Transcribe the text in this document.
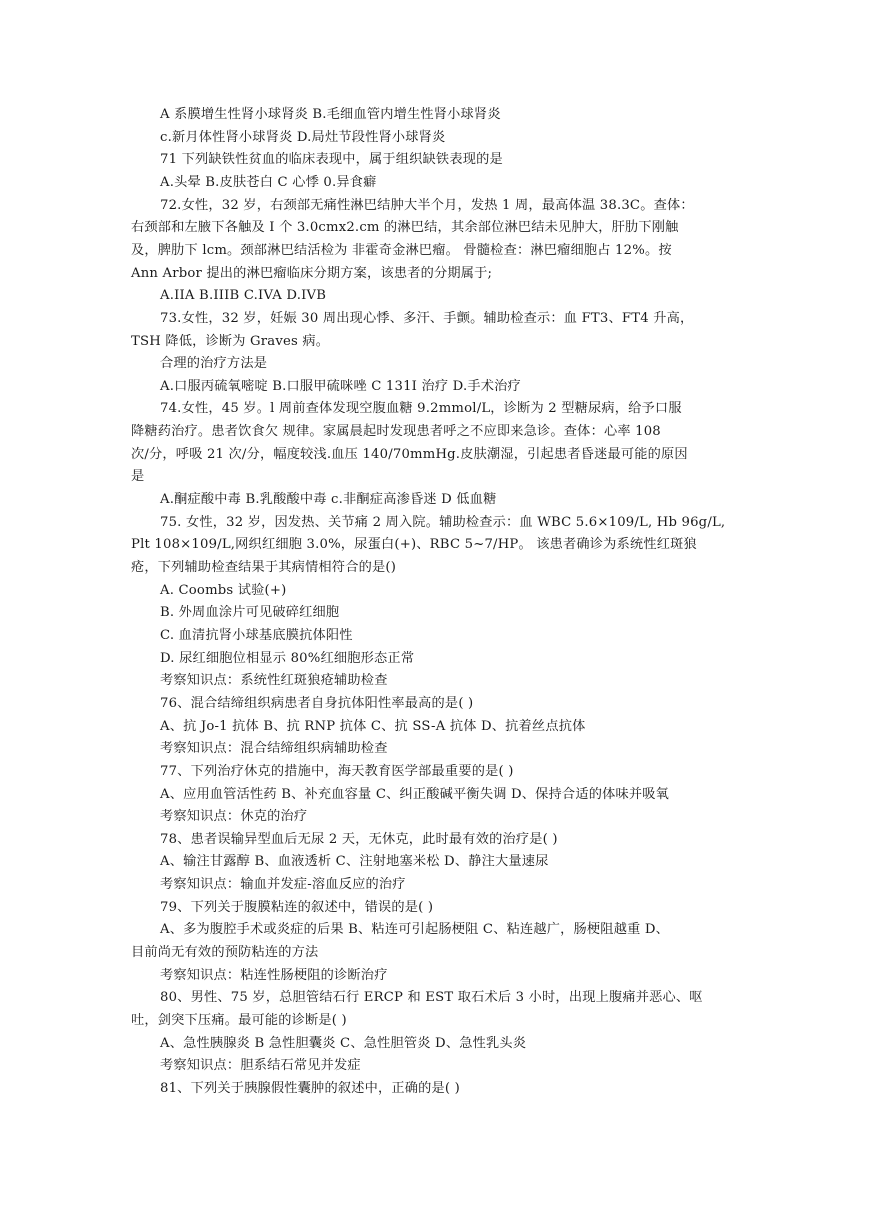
A 系膜增生性肾小球肾炎 B.毛细血管内增生性肾小球肾炎
c.新月体性肾小球肾炎 D.局灶节段性肾小球肾炎
71 下列缺铁性贫血的临床表现中，属于组织缺铁表现的是
A.头晕 B.皮肤苍白 C 心悸 0.异食癖
72.女性，32 岁，右颈部无痛性淋巴结肿大半个月，发热 1 周，最高体温 38.3C。查体：
右颈部和左腋下各触及 I 个 3.0cmx2.cm 的淋巴结，其余部位淋巴结未见肿大，肝肋下刚触
及，脾肋下 lcm。颈部淋巴结活检为 非霍奇金淋巴瘤。 骨髓检查：淋巴瘤细胞占 12%。按
Ann Arbor 提出的淋巴瘤临床分期方案，该患者的分期属于;
A.IIA B.IIIB C.IVA D.IVB
73.女性，32 岁，妊娠 30 周出现心悸、多汗、手颤。辅助检查示：血 FT3、FT4 升高，
TSH 降低，诊断为 Graves 病。
合理的治疗方法是
A.口服丙硫氧嘧啶 B.口服甲硫咪唑 C 131I 治疗 D.手术治疗
74.女性，45 岁。l 周前查体发现空腹血糖 9.2mmol/L，诊断为 2 型糖尿病，给予口服
降糖药治疗。患者饮食欠 规律。家属晨起时发现患者呼之不应即来急诊。查体：心率 108
次/分，呼吸 21 次/分，幅度较浅.血压 140/70mmHg.皮肤潮湿，引起患者昏迷最可能的原因
是
A.酮症酸中毒 B.乳酸酸中毒 c.非酮症高渗昏迷 D 低血糖
75. 女性，32 岁，因发热、关节痛 2 周入院。辅助检查示：血 WBC 5.6×109/L, Hb 96g/L,
Plt 108×109/L,网织红细胞 3.0%，尿蛋白(+)、RBC 5~7/HP。 该患者确诊为系统性红斑狼
疮，下列辅助检查结果于其病情相符合的是()
A. Coombs 试验(+)
B. 外周血涂片可见破碎红细胞
C. 血清抗肾小球基底膜抗体阳性
D. 尿红细胞位相显示 80%红细胞形态正常
考察知识点：系统性红斑狼疮辅助检查
76、混合结缔组织病患者自身抗体阳性率最高的是( )
A、抗 Jo-1 抗体 B、抗 RNP 抗体 C、抗 SS-A 抗体 D、抗着丝点抗体
考察知识点：混合结缔组织病辅助检查
77、下列治疗休克的措施中，海天教育医学部最重要的是( )
A、应用血管活性药 B、补充血容量 C、纠正酸碱平衡失调 D、保持合适的体味并吸氧
考察知识点：休克的治疗
78、患者误输异型血后无尿 2 天，无休克，此时最有效的治疗是( )
A、输注甘露醇 B、血液透析 C、注射地塞米松 D、静注大量速尿
考察知识点：输血并发症-溶血反应的治疗
79、下列关于腹膜粘连的叙述中，错误的是( )
A、多为腹腔手术或炎症的后果 B、粘连可引起肠梗阻 C、粘连越广，肠梗阻越重 D、
目前尚无有效的预防粘连的方法
考察知识点：粘连性肠梗阻的诊断治疗
80、男性、75 岁，总胆管结石行 ERCP 和 EST 取石术后 3 小时，出现上腹痛并恶心、呕
吐，剑突下压痛。最可能的诊断是( )
A、急性胰腺炎 B 急性胆囊炎 C、急性胆管炎 D、急性乳头炎
考察知识点：胆系结石常见并发症
81、下列关于胰腺假性囊肿的叙述中，正确的是( )
